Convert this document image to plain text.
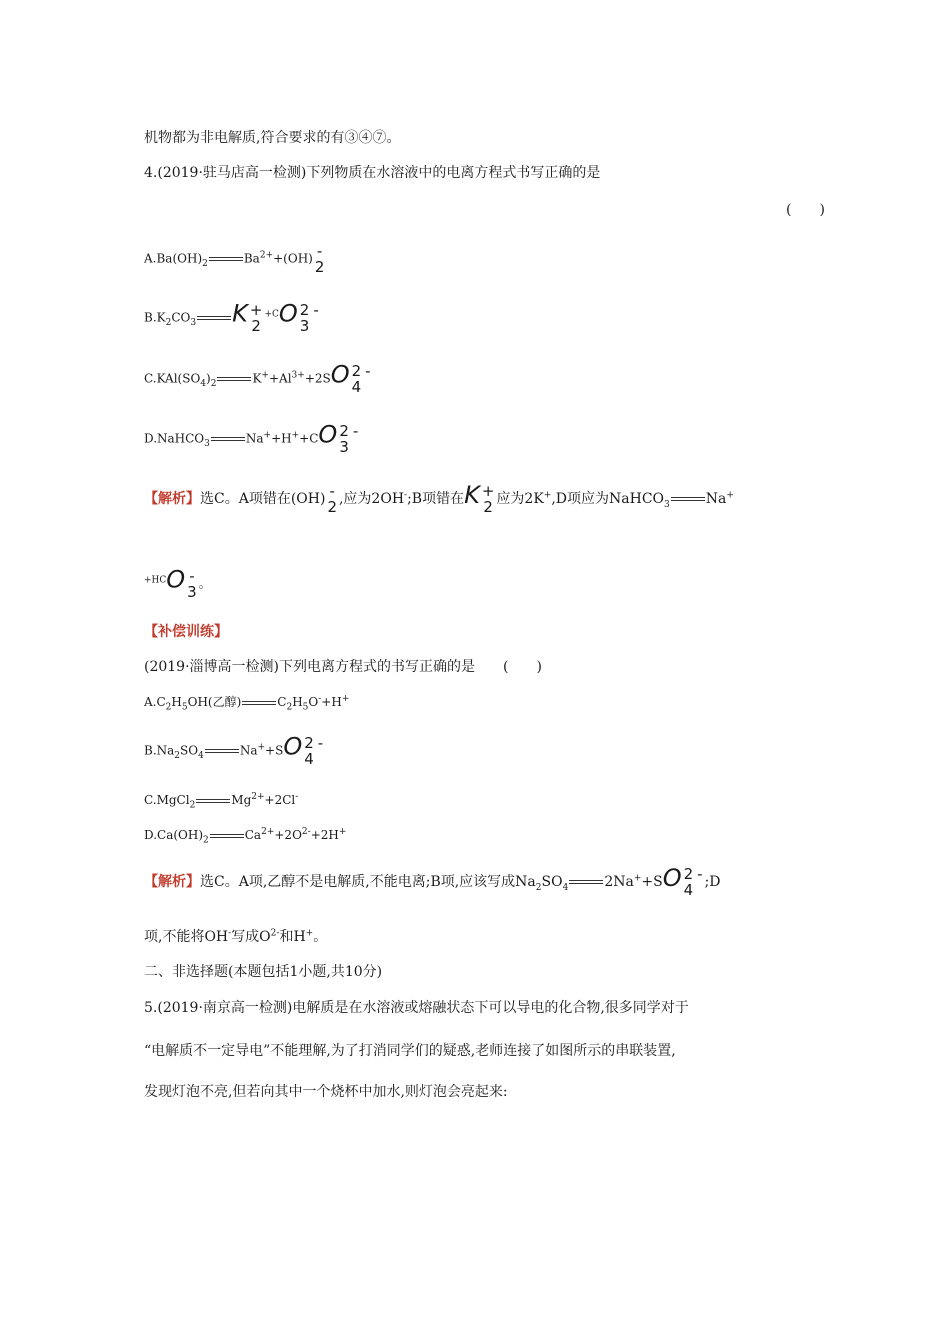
机物都为非电解质,符合要求的有③④⑦。
4.(2019·驻马店高一检测)下列物质在水溶液中的电离方程式书写正确的是
(　　)
$A.Ba(OH)_2$	$Ba^{2+}+(OH)$ -
2
$B.K_2CO_3$ K +
2
$^{+C}$O 2
3
-

$C.KAl(SO_4)_2$	$K^++Al^{3+}+2SO$ 2
4
-

D.NaHCO$_3$	Na++H++CO 2
3
-

【解析】选C。A项错在(OH) -
2 ,应为2OH-;B项错在K +
2 应为2K+,D项应为NaHCO$_3$	Na+
$^{+HC}$O -
3 。
【补偿训练】
(2019·淄博高一检测)下列电离方程式的书写正确的是　　(　　)
$A.C_2H_5OH$(乙醇)	$C_2H_5O^-+H^+$
$B.Na_2SO_4$	Na++SO 2
4
-

C.MgCl$_2$	$Mg^{2+}+2Cl^-$
$D.Ca(OH)_2$	$Ca^{2+}+2O^{2-}+2H^+$
【解析】选C。A项,乙醇不是电解质,不能电离;B项,应该写成$Na_2SO_4$	2Na++SO 2
4
-
;D
项,不能将OH-写成$O^{2-}$和H+。
二、非选择题(本题包括1小题,共10分)
5.(2019·南京高一检测)电解质是在水溶液或熔融状态下可以导电的化合物,很多同学对于
“电解质不一定导电”不能理解,为了打消同学们的疑惑,老师连接了如图所示的串联装置,
发现灯泡不亮,但若向其中一个烧杯中加水,则灯泡会亮起来:
